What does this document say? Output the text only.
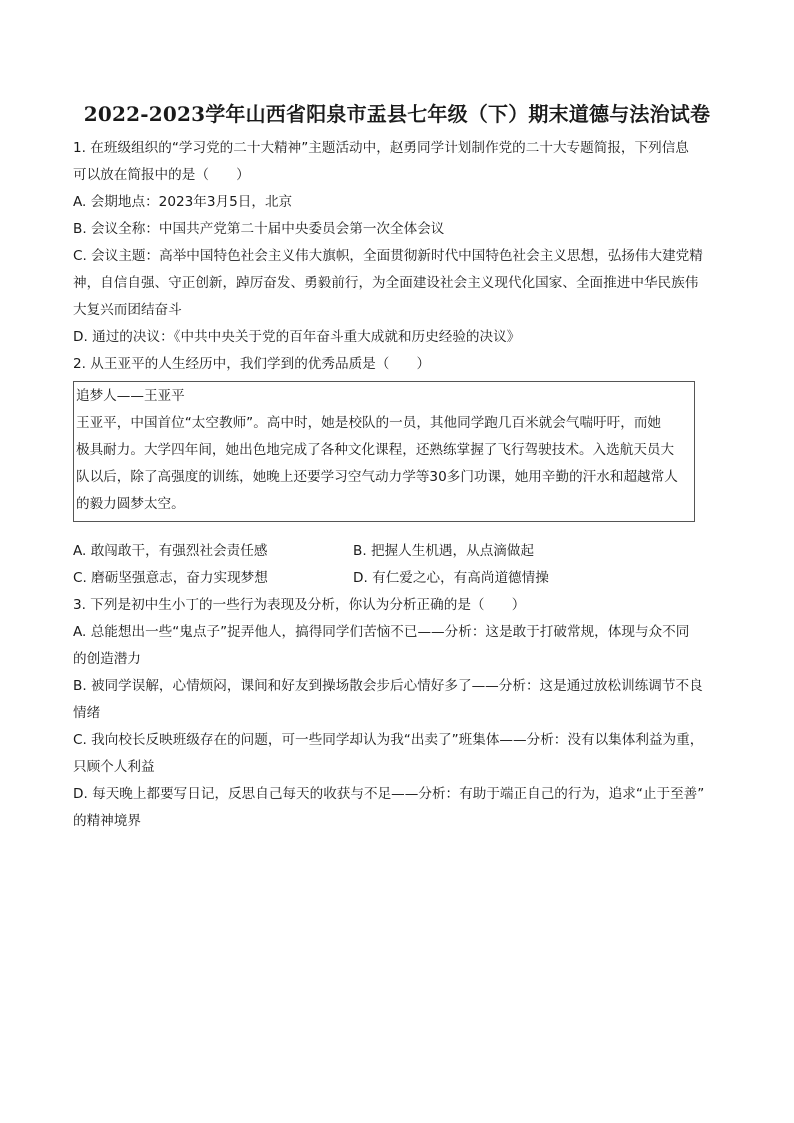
2022-2023学年山西省阳泉市盂县七年级（下）期末道德与法治试卷
1. 在班级组织的“学习党的二十大精神”主题活动中，赵勇同学计划制作党的二十大专题简报，下列信息
可以放在简报中的是（　　）
A. 会期地点：2023年3月5日，北京
B. 会议全称：中国共产党第二十届中央委员会第一次全体会议
C. 会议主题：高举中国特色社会主义伟大旗帜，全面贯彻新时代中国特色社会主义思想，弘扬伟大建党精
神，自信自强、守正创新，踔厉奋发、勇毅前行，为全面建设社会主义现代化国家、全面推进中华民族伟
大复兴而团结奋斗
D. 通过的决议：《中共中央关于党的百年奋斗重大成就和历史经验的决议》
2. 从王亚平的人生经历中，我们学到的优秀品质是（　　）
追梦人——王亚平
王亚平，中国首位“太空教师”。高中时，她是校队的一员，其他同学跑几百米就会气喘吁吁，而她
极具耐力。大学四年间，她出色地完成了各种文化课程，还熟练掌握了飞行驾驶技术。入选航天员大
队以后，除了高强度的训练，她晚上还要学习空气动力学等30多门功课，她用辛勤的汗水和超越常人
的毅力圆梦太空。
A. 敢闯敢干，有强烈社会责任感	B. 把握人生机遇，从点滴做起
C. 磨砺坚强意志，奋力实现梦想	D. 有仁爱之心，有高尚道德情操
3. 下列是初中生小丁的一些行为表现及分析，你认为分析正确的是（　　）
A. 总能想出一些“鬼点子”捉弄他人，搞得同学们苦恼不已——分析：这是敢于打破常规，体现与众不同
的创造潜力
B. 被同学误解，心情烦闷，课间和好友到操场散会步后心情好多了——分析：这是通过放松训练调节不良
情绪
C. 我向校长反映班级存在的问题，可一些同学却认为我“出卖了”班集体——分析：没有以集体利益为重，
只顾个人利益
D. 每天晚上都要写日记，反思自己每天的收获与不足——分析：有助于端正自己的行为，追求“止于至善”
的精神境界
